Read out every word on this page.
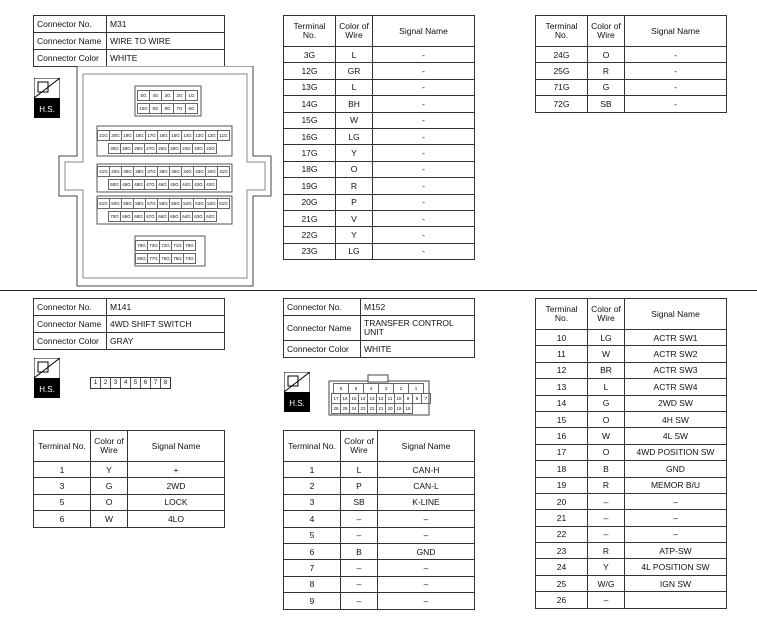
Connector No.	M31
Connector Name	WIRE TO WIRE
Connector Color	WHITE
H.S.
5G	4G	3G	2G	1G
10G	9G	8G	7G	6G
21G 20G 19G 18G 17G 16G 15G 14G 13G 12G 11G
30G 29G 28G 27G 26G 25G 24G 23G 22G
41G 40G 39G 38G 37G 36G 35G 34G 33G 32G 31G
50G 49G 48G 47G 46G 45G 44G 43G 42G
61G 60G 59G 58G 57G 56G 55G 54G 53G 52G 51G
70G 69G 68G 67G 66G 65G 64G 63G 62G
79G 73G 72G 71G 79G
80G 77G 76G 75G 74G
Terminal No.	Color of Wire	Signal Name
3G	L	-
12G	GR	-
13G	L	-
14G	BH	-
15G	W	-
16G	LG	-
17G	Y	-
18G	O	-
19G	R	-
20G	P	-
21G	V	-
22G	Y	-
23G	LG	-
Terminal No.	Color of Wire	Signal Name
24G	O	-
25G	R	-
71G	G	-
72G	SB	-
Connector No.	M141
Connector Name	4WD SHIFT SWITCH
Connector Color	GRAY
H.S.
1	2	3	4	5	6	7	8
Terminal No.	Color of Wire	Signal Name
1	Y	+
3	G	2WD
5	O	LOCK
6	W	4LO
Connector No.	M152
Connector Name	TRANSFER CONTROL UNIT
Connector Color	WHITE
H.S.
6	5	4	3	2	1
17 16 15 14 13 12 11 10	9	8	7
26 25 24 23 22 21 20 19 18
Terminal No.	Color of Wire	Signal Name
1	L	CAN-H
2	P	CAN-L
3	SB	K-LINE
4	–	–
5	–	–
6	B	GND
7	–	–
8	–	–
9	–	–
Terminal No.	Color of Wire	Signal Name
10	LG	ACTR SW1
11	W	ACTR SW2
12	BR	ACTR SW3
13	L	ACTR SW4
14	G	2WD SW
15	O	4H SW
16	W	4L SW
17	O	4WD POSITION SW
18	B	GND
19	R	MEMOR B/U
20	–	–
21	–	–
22	–	–
23	R	ATP-SW
24	Y	4L POSITION SW
25	W/G	IGN SW
26	–	
